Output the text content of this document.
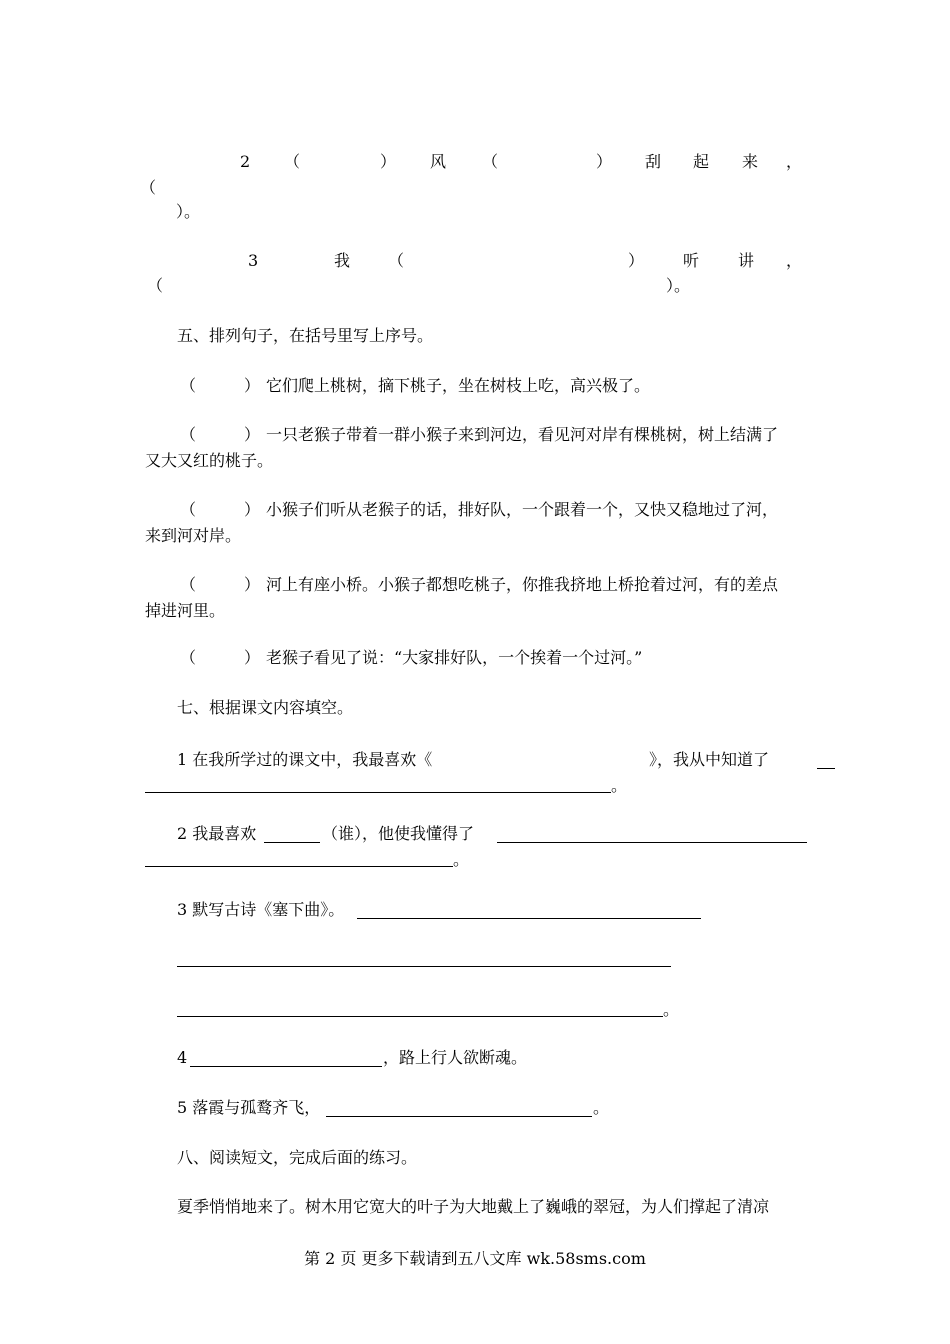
2 （	） 风 （	） 刮 起 来 ，
（
）。
3	我 （	） 听 讲 ，
（	）。
五、排列句子，在括号里写上序号。
（　　　） 它们爬上桃树，摘下桃子，坐在树枝上吃，高兴极了。
（　　　） 一只老猴子带着一群小猴子来到河边，看见河对岸有棵桃树，树上结满了
又大又红的桃子。
（　　　） 小猴子们听从老猴子的话，排好队，一个跟着一个，又快又稳地过了河，
来到河对岸。
（　　　） 河上有座小桥。小猴子都想吃桃子，你推我挤地上桥抢着过河，有的差点
掉进河里。
（　　　） 老猴子看见了说：“大家排好队，一个挨着一个过河。”
七、根据课文内容填空。
1 在我所学过的课文中，我最喜欢《	》，我从中知道了
。
2 我最喜欢	（谁），他使我懂得了
。
3 默写古诗《塞下曲》。
。
4	，路上行人欲断魂。
5 落霞与孤鹜齐飞，	。
八、阅读短文，完成后面的练习。
夏季悄悄地来了。树木用它宽大的叶子为大地戴上了巍峨的翠冠，为人们撑起了清凉
第 2 页 更多下载请到五八文库 wk.58sms.com
